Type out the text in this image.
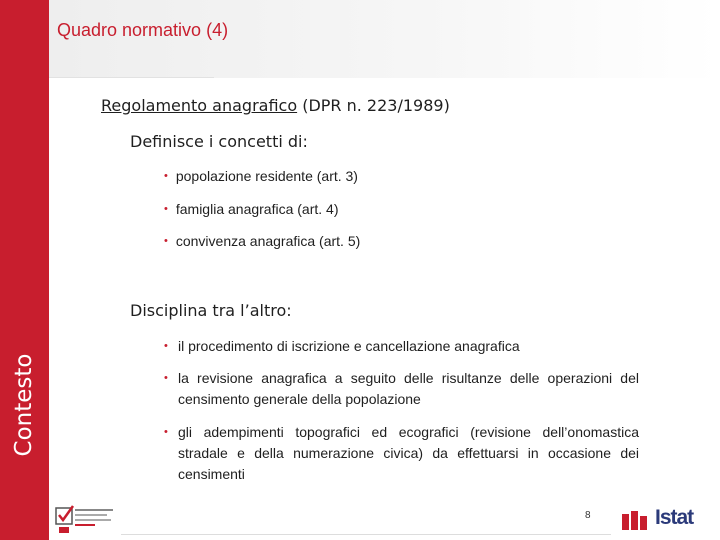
Contesto
Quadro normativo (4)
Regolamento anagrafico (DPR n. 223/1989)
Definisce i concetti di:
• popolazione residente (art. 3)
• famiglia anagrafica (art. 4)
• convivenza anagrafica (art. 5)
Disciplina tra l’altro:
• il procedimento di iscrizione e cancellazione anagrafica
• la revisione anagrafica a seguito delle risultanze delle operazioni del censimento generale della popolazione
• gli adempimenti topografici ed ecografici (revisione dell’onomastica stradale e della numerazione civica) da effettuarsi in occasione dei censimenti
8	Istat
